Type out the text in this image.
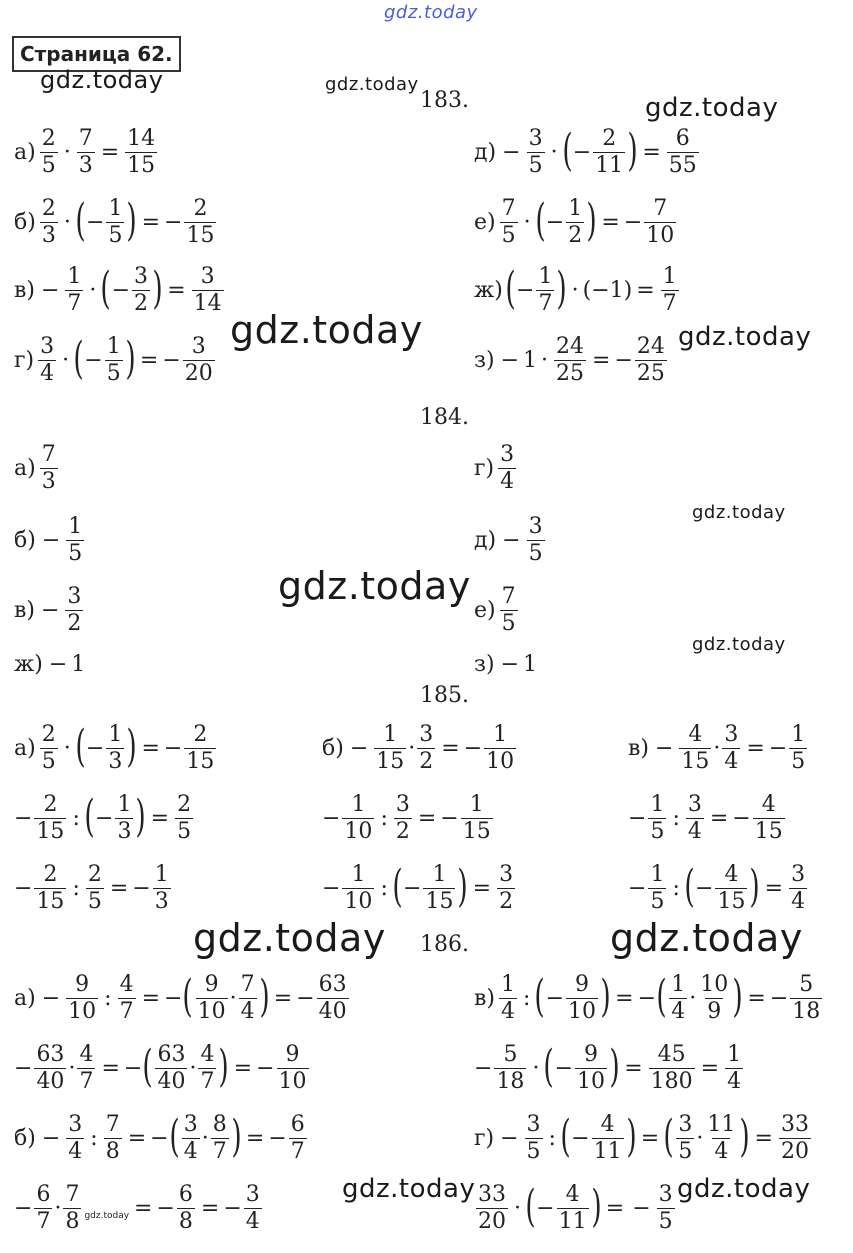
gdz.today
Страница 62.
gdz.today	gdz.today
gdz.today
gdz.today	gdz.today
gdz.today
gdz.today
gdz.today
gdz.today	gdz.today
gdz.today	gdz.today
183.
184.
185.
186.
а)
2
5
· $\frac{7}{3} = \frac{14}{15}$
б)
2
3
· ( − $\frac{1}{5}$ ) = − $\frac{2}{15}$
$в) - \frac{1}{7}$ · ( − $\frac{3}{2}$ ) = $\frac{3}{14}$
г)
3
4
· ( − $\frac{1}{5}$ ) = − $\frac{3}{20}$
$д) - \frac{3}{5}$ · ( − $\frac{2}{11}$ ) = $\frac{6}{55}$
е)
7
5
· ( − $\frac{1}{2}$ ) = − $\frac{7}{10}$
ж) ( − $\frac{1}{7}$ ) · $(-1) = \frac{1}{7}$
$з) - 1 \cdot \frac{24}{25}$ = − $\frac{24}{25}$
а)
7
3
$б) - \frac{1}{5}$
$в) - \frac{3}{2}$
ж) − 1
г)
3
4
$д) - \frac{3}{5}$
е)
7
5
з) − 1
а)
2
5
· ( − $\frac{1}{3}$ ) = − $\frac{2}{15}$
− $\frac{2}{15}$ : ( − $\frac{1}{3}$ ) = $\frac{2}{5}$
− $\frac{2}{15}$ : $\frac{2}{5}$ = − $\frac{1}{3}$
$б) - \frac{1}{15} \cdot \frac{3}{2}$ = − $\frac{1}{10}$
− $\frac{1}{10}$ : $\frac{3}{2}$ = − $\frac{1}{15}$
− $\frac{1}{10}$ : ( − $\frac{1}{15}$ ) = $\frac{3}{2}$
$в) - \frac{4}{15} \cdot \frac{3}{4}$ = − $\frac{1}{5}$
− $\frac{1}{5}$ : $\frac{3}{4}$ = − $\frac{4}{15}$
− $\frac{1}{5}$ : ( − $\frac{4}{15}$ ) = $\frac{3}{4}$
$а) - \frac{9}{10}$ : $\frac{4}{7}$ = − ( 9
10
·
7
4 ) = − $\frac{63}{40}$
− $\frac{63}{40} \cdot \frac{4}{7}$ = − ( 63
40
·
4
7 ) = − $\frac{9}{10}$
$б) - \frac{3}{4}$ : $\frac{7}{8}$ = − ( 3
4
·
8
7 ) = − $\frac{6}{7}$
− $\frac{6}{7}$ ·
7
8 gdz.today = − $\frac{6}{8}$ = − $\frac{3}{4}$
в)
1
4
: ( − $\frac{9}{10}$ ) = − ( 1
4
·
10
9 ) = − $\frac{5}{18}$
− $\frac{5}{18}$ · ( − $\frac{9}{10}$ ) = $\frac{45}{180} = \frac{1}{4}$
$г) - \frac{3}{5}$ : ( − $\frac{4}{11}$ ) = ( 3
5
·
11
4 ) = $\frac{33}{20}$
33
20
· ( − $\frac{4}{11}$ ) = − $\frac{3}{5}$
